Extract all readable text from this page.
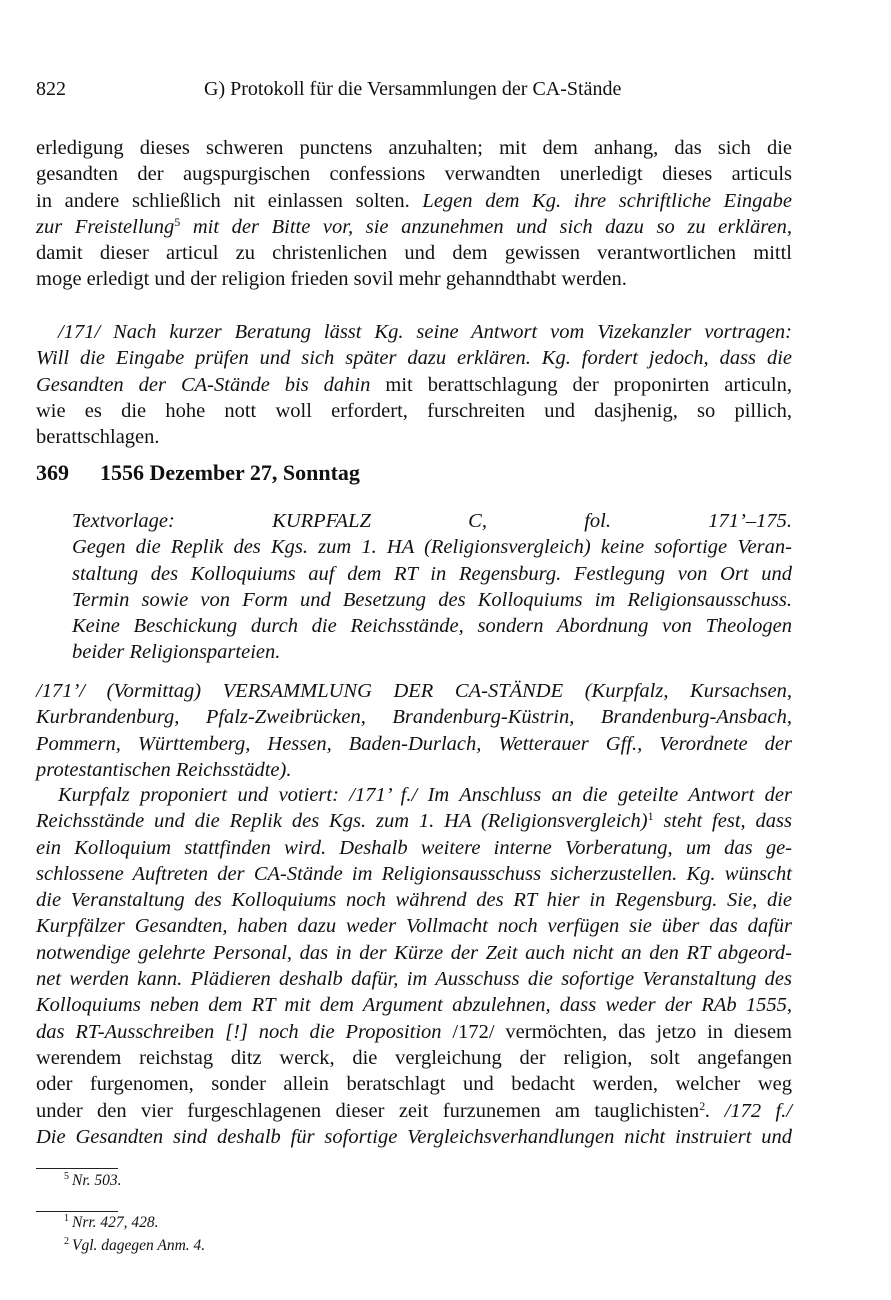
822	G) Protokoll für die Versammlungen der CA-Stände
erledigung dieses schweren punctens anzuhalten; mit dem anhang, das sich die
gesandten der augspurgischen confessions verwandten unerledigt dieses articuls
in andere schließlich nit einlassen solten. Legen dem Kg. ihre schriftliche Eingabe
zur Freistellung$^5$ mit der Bitte vor, sie anzunehmen und sich dazu so zu erklären,
damit dieser articul zu christenlichen und dem gewissen verantwortlichen mittl
moge erledigt und der religion frieden sovil mehr gehanndthabt werden.
/171/ Nach kurzer Beratung lässt Kg. seine Antwort vom Vizekanzler vortragen:
Will die Eingabe prüfen und sich später dazu erklären. Kg. fordert jedoch, dass die
Gesandten der CA-Stände bis dahin mit berattschlagung der proponirten articuln,
wie es die hohe nott woll erfordert, furschreiten und dasjhenig, so pillich,
berattschlagen.
369 1556 Dezember 27, Sonntag
Textvorlage: KURPFALZ C, fol. 171’–175.
Gegen die Replik des Kgs. zum 1. HA (Religionsvergleich) keine sofortige Veran-
staltung des Kolloquiums auf dem RT in Regensburg. Festlegung von Ort und
Termin sowie von Form und Besetzung des Kolloquiums im Religionsausschuss.
Keine Beschickung durch die Reichsstände, sondern Abordnung von Theologen
beider Religionsparteien.
/171’/ (Vormittag) VERSAMMLUNG DER CA-STÄNDE (Kurpfalz, Kursachsen,
Kurbrandenburg, Pfalz-Zweibrücken, Brandenburg-Küstrin, Brandenburg-Ansbach,
Pommern, Württemberg, Hessen, Baden-Durlach, Wetterauer Gff., Verordnete der
protestantischen Reichsstädte).
Kurpfalz proponiert und votiert: /171’ f./ Im Anschluss an die geteilte Antwort der
Reichsstände und die Replik des Kgs. zum 1. HA (Religionsvergleich)$^1$ steht fest, dass
ein Kolloquium stattfinden wird. Deshalb weitere interne Vorberatung, um das ge-
schlossene Auftreten der CA-Stände im Religionsausschuss sicherzustellen. Kg. wünscht
die Veranstaltung des Kolloquiums noch während des RT hier in Regensburg. Sie, die
Kurpfälzer Gesandten, haben dazu weder Vollmacht noch verfügen sie über das dafür
notwendige gelehrte Personal, das in der Kürze der Zeit auch nicht an den RT abgeord-
net werden kann. Plädieren deshalb dafür, im Ausschuss die sofortige Veranstaltung des
Kolloquiums neben dem RT mit dem Argument abzulehnen, dass weder der RAb 1555,
das RT-Ausschreiben [!] noch die Proposition /172/ vermöchten, das jetzo in diesem
werendem reichstag ditz werck, die vergleichung der religion, solt angefangen
oder furgenomen, sonder allein beratschlagt und bedacht werden, welcher weg
under den vier furgeschlagenen dieser zeit furzunemen am tauglichisten$^2$. /172 f./
Die Gesandten sind deshalb für sofortige Vergleichsverhandlungen nicht instruiert und
$^5$ Nr. 503.
$^1$ Nrr. 427, 428.
$^2$ Vgl. dagegen Anm. 4.
